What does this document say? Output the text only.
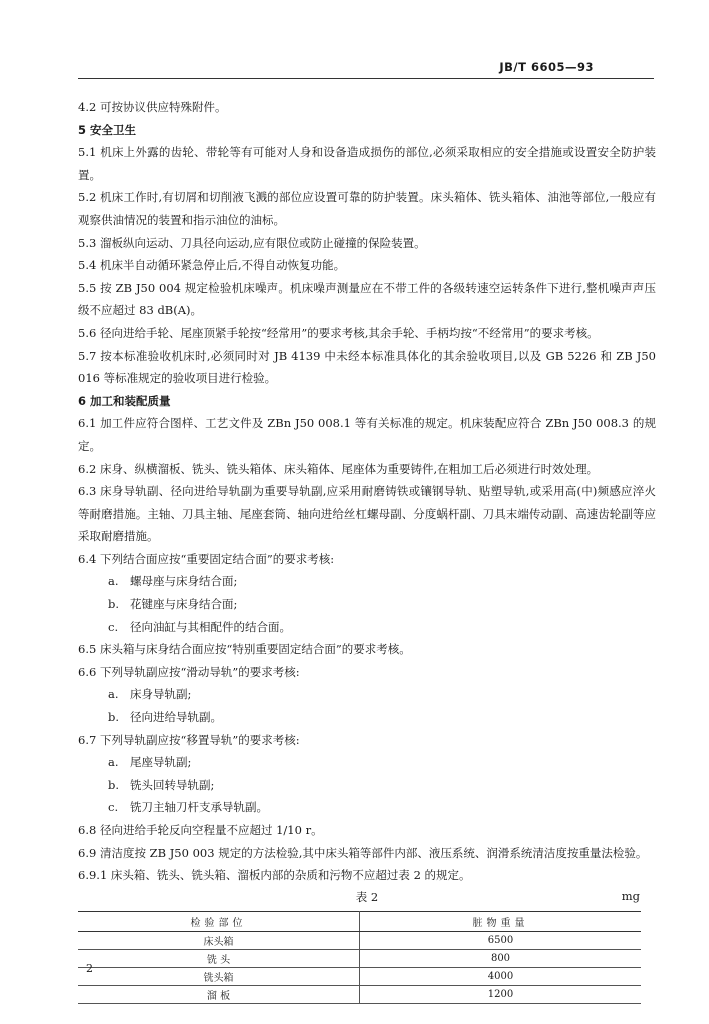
JB/T 6605—93

4.2 可按协议供应特殊附件。

5 安全卫生

5.1 机床上外露的齿轮、带轮等有可能对人身和设备造成损伤的部位,必须采取相应的安全措施或设置安全防护装置。

5.2 机床工作时,有切屑和切削液飞溅的部位应设置可靠的防护装置。床头箱体、铣头箱体、油池等部位,一般应有观察供油情况的装置和指示油位的油标。

5.3 溜板纵向运动、刀具径向运动,应有限位或防止碰撞的保险装置。

5.4 机床半自动循环紧急停止后,不得自动恢复功能。

5.5 按 ZB J50 004 规定检验机床噪声。机床噪声测量应在不带工件的各级转速空运转条件下进行,整机噪声声压级不应超过 83 dB(A)。

5.6 径向进给手轮、尾座顶紧手轮按“经常用”的要求考核,其余手轮、手柄均按“不经常用”的要求考核。

5.7 按本标准验收机床时,必须同时对 JB 4139 中未经本标准具体化的其余验收项目,以及 GB 5226 和 ZB J50 016 等标准规定的验收项目进行检验。

6 加工和装配质量

6.1 加工件应符合图样、工艺文件及 ZBn J50 008.1 等有关标准的规定。机床装配应符合 ZBn J50 008.3 的规定。

6.2 床身、纵横溜板、铣头、铣头箱体、床头箱体、尾座体为重要铸件,在粗加工后必须进行时效处理。

6.3 床身导轨副、径向进给导轨副为重要导轨副,应采用耐磨铸铁或镶钢导轨、贴塑导轨,或采用高(中)频感应淬火等耐磨措施。主轴、刀具主轴、尾座套筒、轴向进给丝杠螺母副、分度蜗杆副、刀具末端传动副、高速齿轮副等应采取耐磨措施。

6.4 下列结合面应按“重要固定结合面”的要求考核:

a. 螺母座与床身结合面;

b. 花键座与床身结合面;

c. 径向油缸与其相配件的结合面。

6.5 床头箱与床身结合面应按“特别重要固定结合面”的要求考核。

6.6 下列导轨副应按“滑动导轨”的要求考核:

a. 床身导轨副;

b. 径向进给导轨副。

6.7 下列导轨副应按“移置导轨”的要求考核:

a. 尾座导轨副;

b. 铣头回转导轨副;

c. 铣刀主轴刀杆支承导轨副。

6.8 径向进给手轮反向空程量不应超过 1/10 r。

6.9 清洁度按 ZB J50 003 规定的方法检验,其中床头箱等部件内部、液压系统、润滑系统清洁度按重量法检验。

6.9.1 床头箱、铣头、铣头箱、溜板内部的杂质和污物不应超过表 2 的规定。

表 2	mg
检验部位	脏物重量
床头箱	6500
铣 头	800
铣头箱	4000
溜 板	1200
2
